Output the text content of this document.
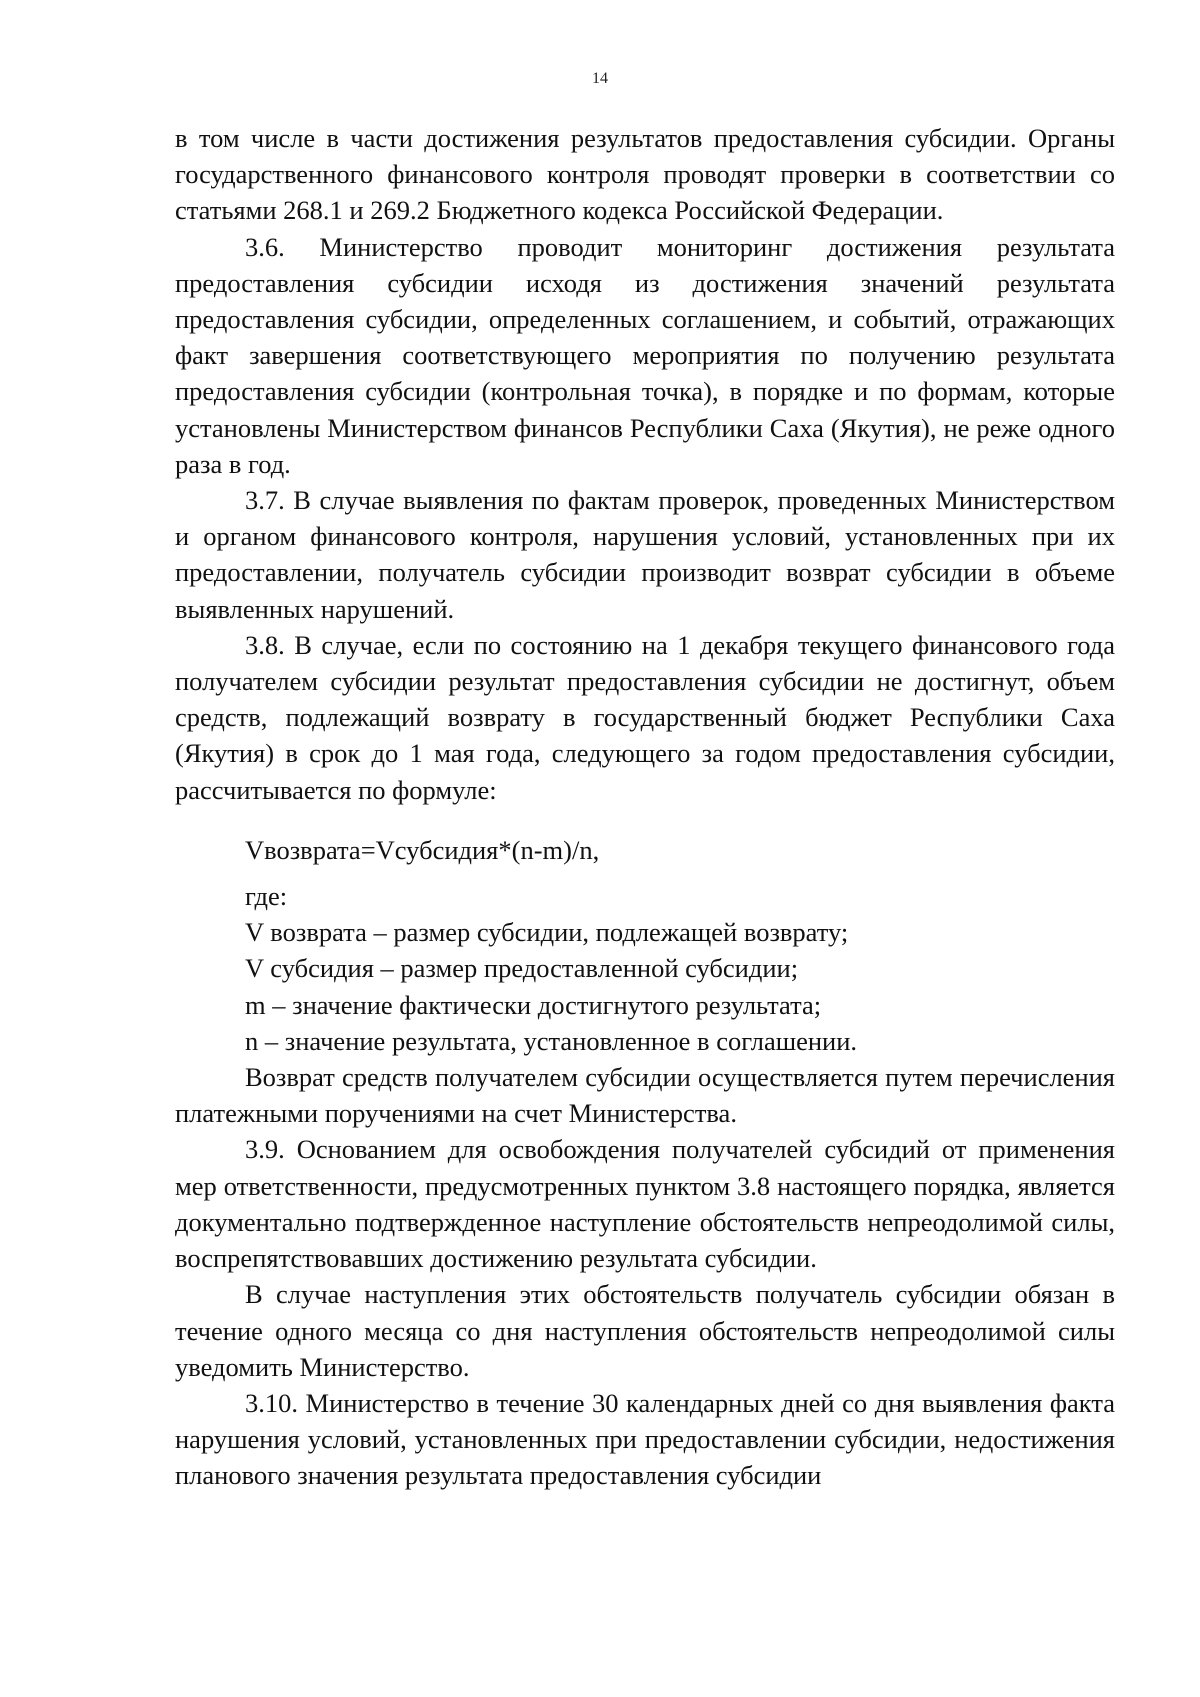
14

в том числе в части достижения результатов предоставления субсидии. Органы государственного финансового контроля проводят проверки в соответствии со статьями 268.1 и 269.2 Бюджетного кодекса Российской Федерации.

3.6. Министерство проводит мониторинг достижения результата предоставления субсидии исходя из достижения значений результата предоставления субсидии, определенных соглашением, и событий, отражающих факт завершения соответствующего мероприятия по получению результата предоставления субсидии (контрольная точка), в порядке и по формам, которые установлены Министерством финансов Республики Саха (Якутия), не реже одного раза в год.

3.7. В случае выявления по фактам проверок, проведенных Министерством и органом финансового контроля, нарушения условий, установленных при их предоставлении, получатель субсидии производит возврат субсидии в объеме выявленных нарушений.

3.8. В случае, если по состоянию на 1 декабря текущего финансового года получателем субсидии результат предоставления субсидии не достигнут, объем средств, подлежащий возврату в государственный бюджет Республики Саха (Якутия) в срок до 1 мая года, следующего за годом предоставления субсидии, рассчитывается по формуле:

Vвозврата=Vсубсидия*(n-m)/n,

где:

V возврата – размер субсидии, подлежащей возврату;

V субсидия – размер предоставленной субсидии;

m – значение фактически достигнутого результата;

n – значение результата, установленное в соглашении.

Возврат средств получателем субсидии осуществляется путем перечисления платежными поручениями на счет Министерства.

3.9. Основанием для освобождения получателей субсидий от применения мер ответственности, предусмотренных пунктом 3.8 настоящего порядка, является документально подтвержденное наступление обстоятельств непреодолимой силы, воспрепятствовавших достижению результата субсидии.

В случае наступления этих обстоятельств получатель субсидии обязан в течение одного месяца со дня наступления обстоятельств непреодолимой силы уведомить Министерство.

3.10. Министерство в течение 30 календарных дней со дня выявления факта нарушения условий, установленных при предоставлении субсидии, недостижения планового значения результата предоставления субсидии
